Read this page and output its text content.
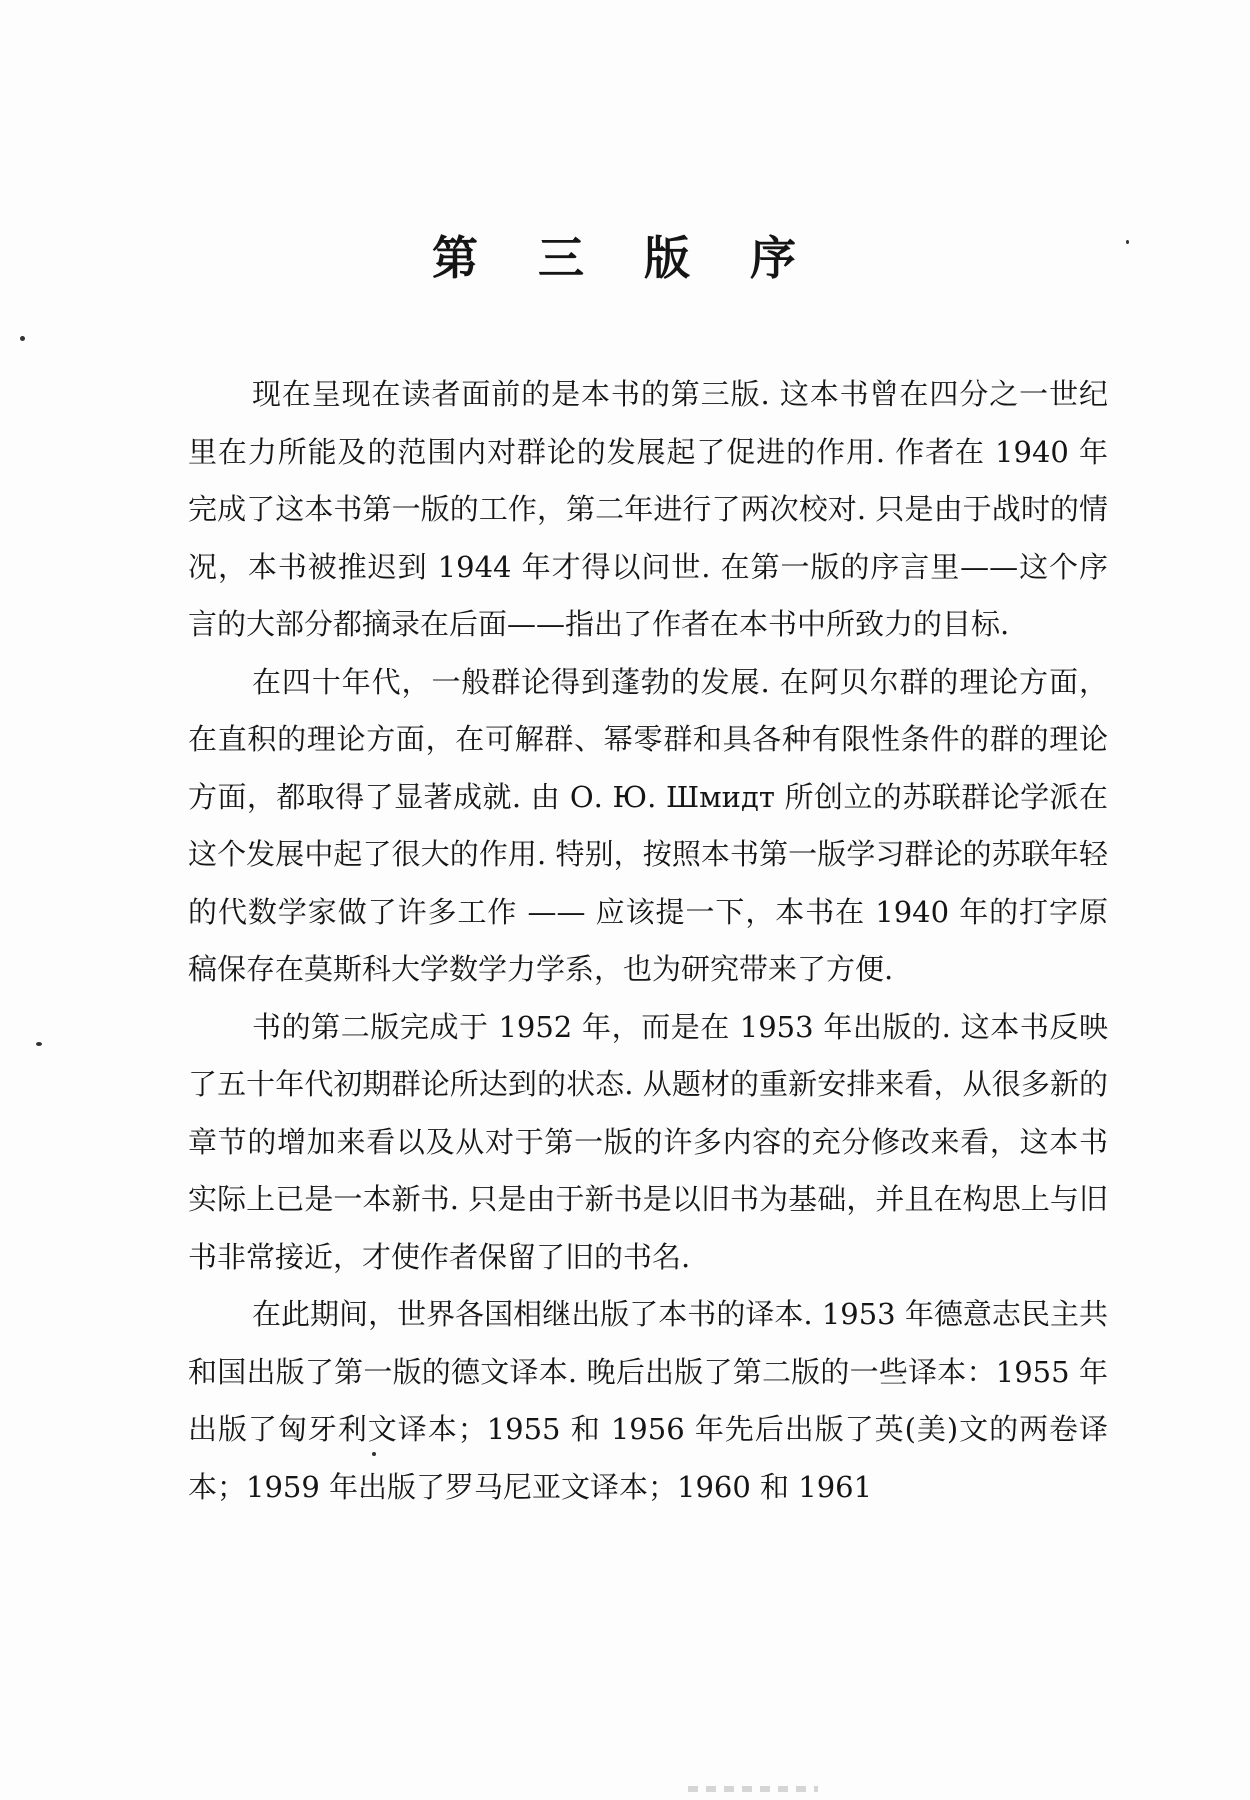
第 三 版 序

现在呈现在读者面前的是本书的第三版. 这本书曾在四分之一世纪里在力所能及的范围内对群论的发展起了促进的作用. 作者在 1940 年完成了这本书第一版的工作，第二年进行了两次校对. 只是由于战时的情况，本书被推迟到 1944 年才得以问世. 在第一版的序言里——这个序言的大部分都摘录在后面——指出了作者在本书中所致力的目标.

在四十年代，一般群论得到蓬勃的发展. 在阿贝尔群的理论方面，在直积的理论方面，在可解群、幂零群和具各种有限性条件的群的理论方面，都取得了显著成就. 由 О. Ю. Шмидт 所创立的苏联群论学派在这个发展中起了很大的作用. 特别，按照本书第一版学习群论的苏联年轻的代数学家做了许多工作 —— 应该提一下，本书在 1940 年的打字原稿保存在莫斯科大学数学力学系，也为研究带来了方便.

书的第二版完成于 1952 年，而是在 1953 年出版的. 这本书反映了五十年代初期群论所达到的状态. 从题材的重新安排来看，从很多新的章节的增加来看以及从对于第一版的许多内容的充分修改来看，这本书实际上已是一本新书. 只是由于新书是以旧书为基础，并且在构思上与旧书非常接近，才使作者保留了旧的书名.

在此期间，世界各国相继出版了本书的译本. 1953 年德意志民主共和国出版了第一版的德文译本. 晚后出版了第二版的一些译本：1955 年出版了匈牙利文译本；1955 和 1956 年先后出版了英(美)文的两卷译本；1959 年出版了罗马尼亚文译本；1960 和 1961
